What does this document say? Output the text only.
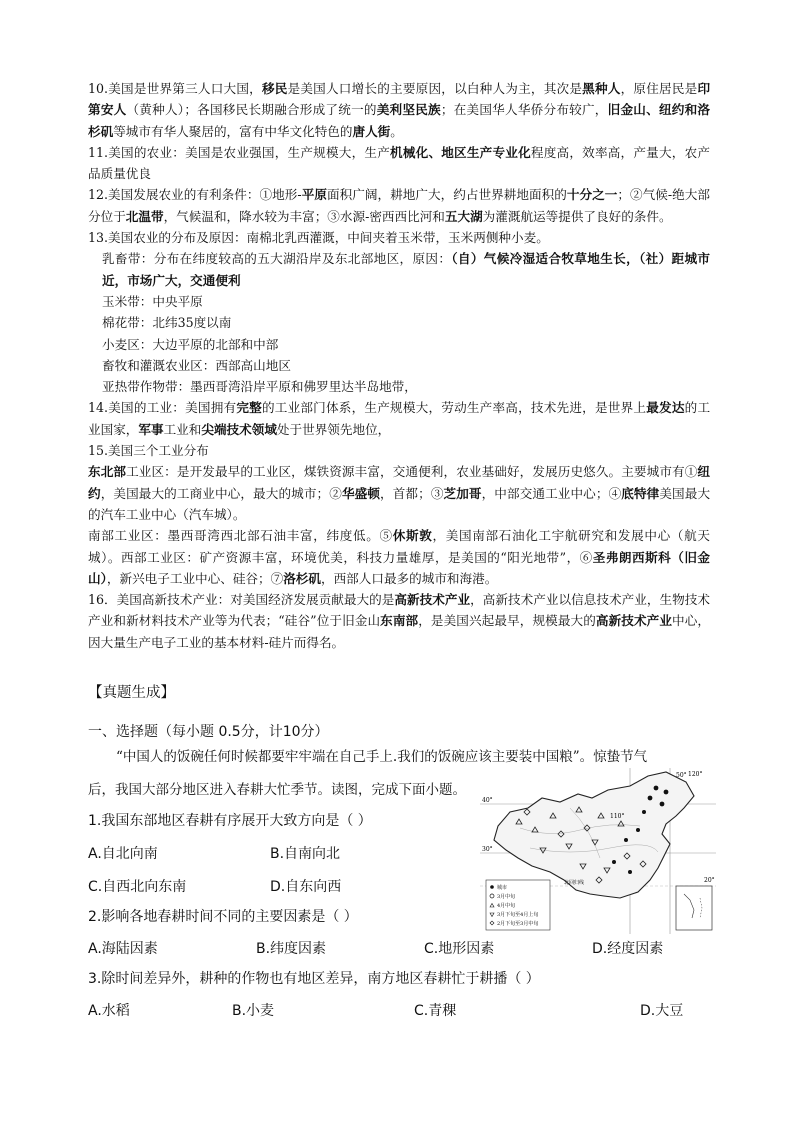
10.美国是世界第三人口大国，移民是美国人口增长的主要原因，以白种人为主，其次是黑种人，原住居民是印第安人（黄种人）；各国移民长期融合形成了统一的美利坚民族；在美国华人华侨分布较广，旧金山、纽约和洛杉矶等城市有华人聚居的，富有中华文化特色的唐人街。

11.美国的农业：美国是农业强国，生产规模大，生产机械化、地区生产专业化程度高，效率高，产量大，农产品质量优良

12.美国发展农业的有利条件：①地形-平原面积广阔，耕地广大，约占世界耕地面积的十分之一；②气候-绝大部分位于北温带，气候温和，降水较为丰富；③水源-密西西比河和五大湖为灌溉航运等提供了良好的条件。

13.美国农业的分布及原因：南棉北乳西灌溉，中间夹着玉米带，玉米两侧种小麦。

乳畜带：分布在纬度较高的五大湖沿岸及东北部地区，原因：（自）气候冷湿适合牧草地生长，（社）距城市近，市场广大，交通便利

玉米带：中央平原

棉花带：北纬35度以南

小麦区：大边平原的北部和中部

畜牧和灌溉农业区：西部高山地区

亚热带作物带：墨西哥湾沿岸平原和佛罗里达半岛地带，

14.美国的工业：美国拥有完整的工业部门体系，生产规模大，劳动生产率高，技术先进，是世界上最发达的工业国家，军事工业和尖端技术领域处于世界领先地位，

15.美国三个工业分布

东北部工业区：是开发最早的工业区，煤铁资源丰富，交通便利，农业基础好，发展历史悠久。主要城市有①纽约，美国最大的工商业中心，最大的城市；②华盛顿，首都；③芝加哥，中部交通工业中心；④底特律美国最大的汽车工业中心（汽车城）。

南部工业区：墨西哥湾西北部石油丰富，纬度低。⑤休斯敦，美国南部石油化工宇航研究和发展中心（航天城）。西部工业区：矿产资源丰富，环境优美，科技力量雄厚，是美国的“阳光地带”，⑥圣弗朗西斯科（旧金山），新兴电子工业中心、硅谷；⑦洛杉矶，西部人口最多的城市和海港。

16．美国高新技术产业：对美国经济发展贡献最大的是高新技术产业，高新技术产业以信息技术产业，生物技术产业和新材料技术产业等为代表；“硅谷”位于旧金山东南部，是美国兴起最早，规模最大的高新技术产业中心，因大量生产电子工业的基本材料-硅片而得名。

【真题生成】
一、选择题（每小题 0.5分，计10分）
“中国人的饭碗任何时候都要牢牢端在自己手上.我们的饭碗应该主要装中国粮”。惊蛰节气
后，我国大部分地区进入春耕大忙季节。读图，完成下面小题。
1.我国东部地区春耕有序展开大致方向是（ ）
A.自北向南	B.自南向北
C.自西北向东南	D.自东向西
2.影响各地春耕时间不同的主要因素是（ ）
A.海陆因素	B.纬度因素	C.地形因素	D.经度因素
3.除时间差异外，耕种的作物也有地区差异，南方地区春耕忙于耕播（ ）
A.水稻	B.小麦	C.青稞	D.大豆
城市
3月中旬
4月中旬
3月下旬至4月上旬
2月下旬至3月中旬
50°
40°
30°
20°
110°
120°
北回归线
